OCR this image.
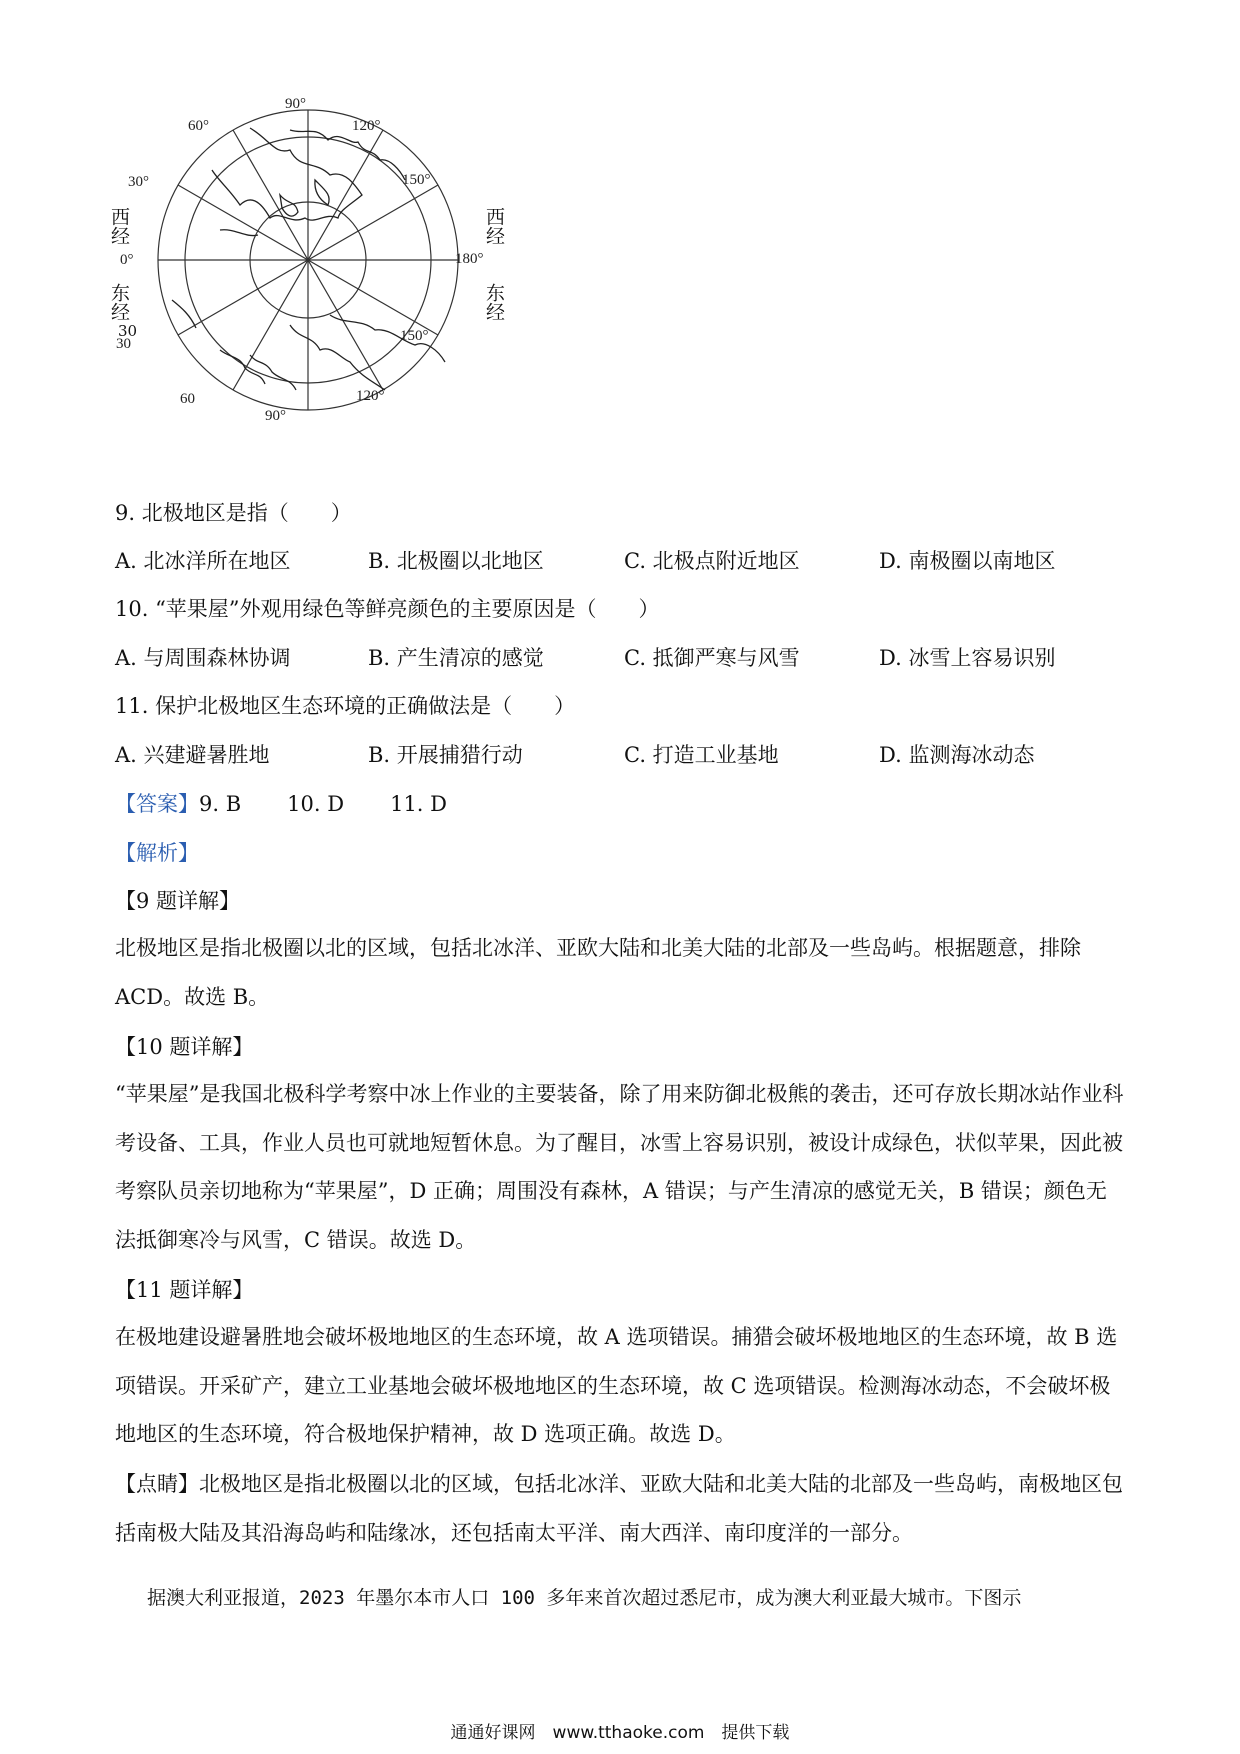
90°
60°	120°
30°	150°
180°
0°
30	150°
60
90°
120°
西经
东经
30
西经
东经
9. 北极地区是指（　　）
A. 北冰洋所在地区	B. 北极圈以北地区	C. 北极点附近地区	D. 南极圈以南地区
10. “苹果屋”外观用绿色等鲜亮颜色的主要原因是（　　）
A. 与周围森林协调	B. 产生清凉的感觉	C. 抵御严寒与风雪	D. 冰雪上容易识别
11. 保护北极地区生态环境的正确做法是（　　）
A. 兴建避暑胜地	B. 开展捕猎行动	C. 打造工业基地	D. 监测海冰动态
【答案】9. B 10. D 11. D
【解析】
【9 题详解】

北极地区是指北极圈以北的区域，包括北冰洋、亚欧大陆和北美大陆的北部及一些岛屿。根据题意，排除ACD。故选 B。

【10 题详解】

“苹果屋”是我国北极科学考察中冰上作业的主要装备，除了用来防御北极熊的袭击，还可存放长期冰站作业科考设备、工具，作业人员也可就地短暂休息。为了醒目，冰雪上容易识别，被设计成绿色，状似苹果，因此被考察队员亲切地称为“苹果屋”，D 正确；周围没有森林，A 错误；与产生清凉的感觉无关，B 错误；颜色无法抵御寒冷与风雪，C 错误。故选 D。

【11 题详解】

在极地建设避暑胜地会破坏极地地区的生态环境，故 A 选项错误。捕猎会破坏极地地区的生态环境，故 B 选项错误。开采矿产，建立工业基地会破坏极地地区的生态环境，故 C 选项错误。检测海冰动态，不会破坏极地地区的生态环境，符合极地保护精神，故 D 选项正确。故选 D。

【点睛】北极地区是指北极圈以北的区域，包括北冰洋、亚欧大陆和北美大陆的北部及一些岛屿，南极地区包括南极大陆及其沿海岛屿和陆缘冰，还包括南太平洋、南大西洋、南印度洋的一部分。

据澳大利亚报道，2023 年墨尔本市人口 100 多年来首次超过悉尼市，成为澳大利亚最大城市。下图示
通通好课网　www.tthaoke.com　提供下载
